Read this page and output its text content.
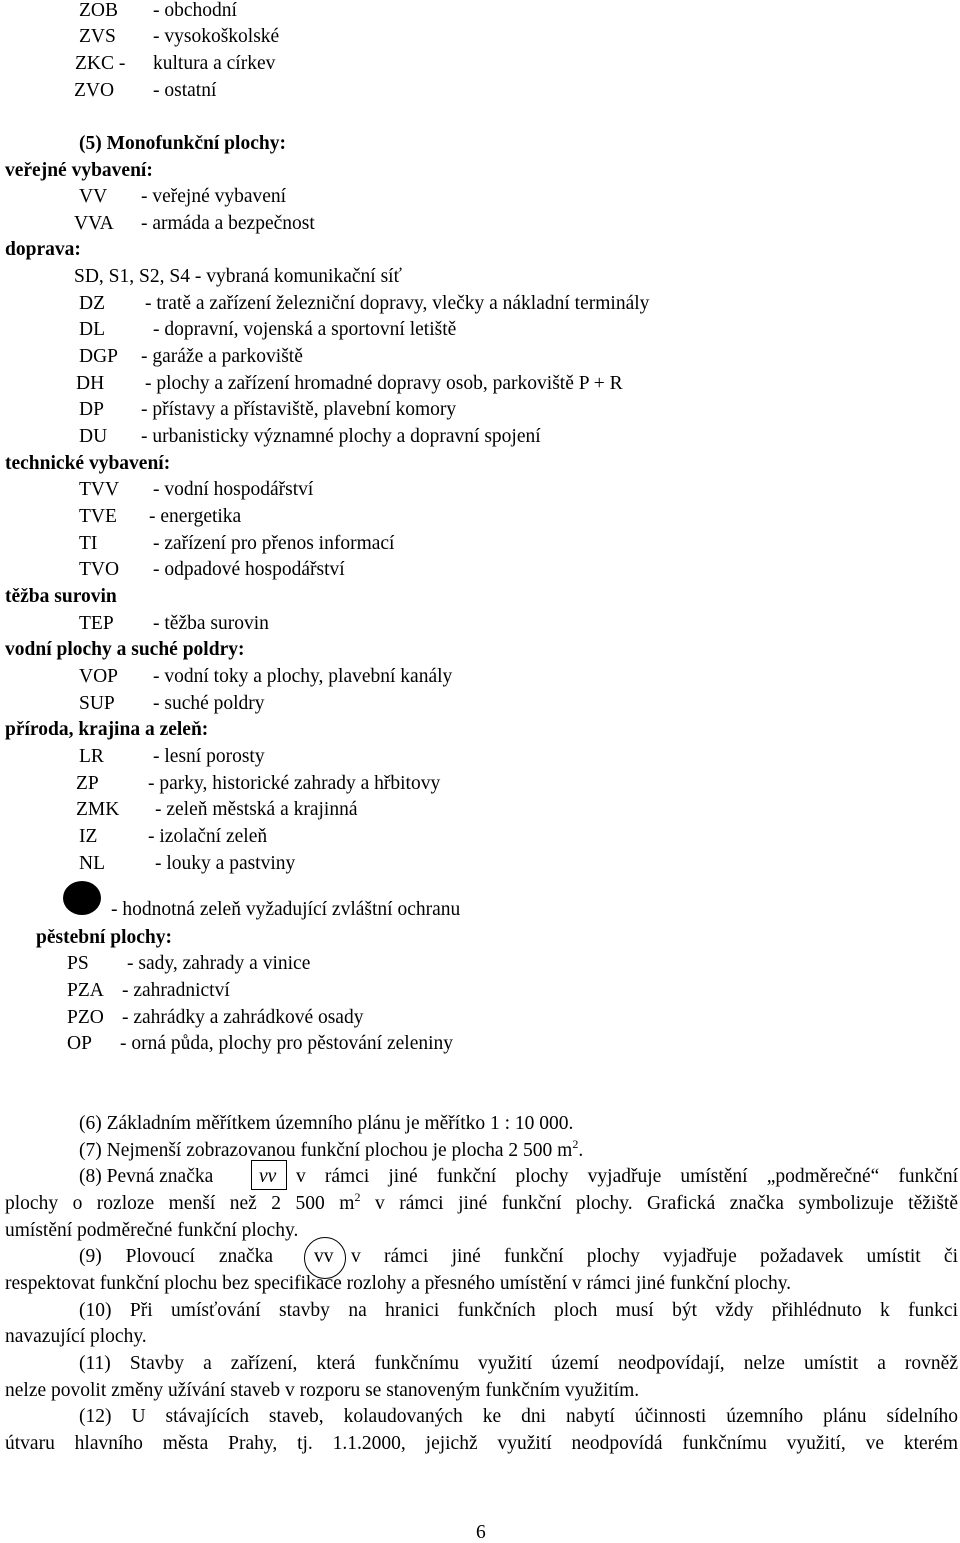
ZOB - obchodní
ZVS - vysokoškolské
ZKC - kultura a církev
ZVO - ostatní
(5) Monofunkční plochy:
veřejné vybavení:
VV - veřejné vybavení
VVA - armáda a bezpečnost
doprava:
SD, S1, S2, S4 - vybraná komunikační síť
DZ - tratě a zařízení železniční dopravy, vlečky a nákladní terminály
DL - dopravní, vojenská a sportovní letiště
DGP - garáže a parkoviště
DH - plochy a zařízení hromadné dopravy osob, parkoviště P + R
DP - přístavy a přístaviště, plavební komory
DU - urbanisticky významné plochy a dopravní spojení
technické vybavení:
TVV - vodní hospodářství
TVE - energetika
TI	- zařízení pro přenos informací
TVO - odpadové hospodářství
těžba surovin
TEP - těžba surovin
vodní plochy a suché poldry:
VOP - vodní toky a plochy, plavební kanály
SUP - suché poldry
příroda, krajina a zeleň:
LR	- lesní porosty
ZP	- parky, historické zahrady a hřbitovy
ZMK - zeleň městská a krajinná
IZ	- izolační zeleň
NL	- louky a pastviny
- hodnotná zeleň vyžadující zvláštní ochranu
pěstební plochy:
PS - sady, zahrady a vinice
PZA - zahradnictví
PZO - zahrádky a zahrádkové osady
OP - orná půda, plochy pro pěstování zeleniny
(6) Základním měřítkem územního plánu je měřítko 1 : 10 000.
(7) Nejmenší zobrazovanou funkční plochou je plocha 2 500 $m^2$.
(8) Pevná značka vv v rámci jiné funkční plochy vyjadřuje umístění „podměrečné“ funkční
plochy o rozloze menší než 2 500 $m^2$ v rámci jiné funkční plochy. Grafická značka symbolizuje těžiště
umístění podměrečné funkční plochy.
(9) Plovoucí značka vv v rámci jiné funkční plochy vyjadřuje požadavek umístit či
respektovat funkční plochu bez specifikace rozlohy a přesného umístění v rámci jiné funkční plochy.
(10) Při umísťování stavby na hranici funkčních ploch musí být vždy přihlédnuto k funkci
navazující plochy.
(11) Stavby a zařízení, která funkčnímu využití území neodpovídají, nelze umístit a rovněž
nelze povolit změny užívání staveb v rozporu se stanoveným funkčním využitím.
(12) U stávajících staveb, kolaudovaných ke dni nabytí účinnosti územního plánu sídelního
útvaru hlavního města Prahy, tj. 1.1.2000, jejichž využití neodpovídá funkčnímu využití, ve kterém
6
